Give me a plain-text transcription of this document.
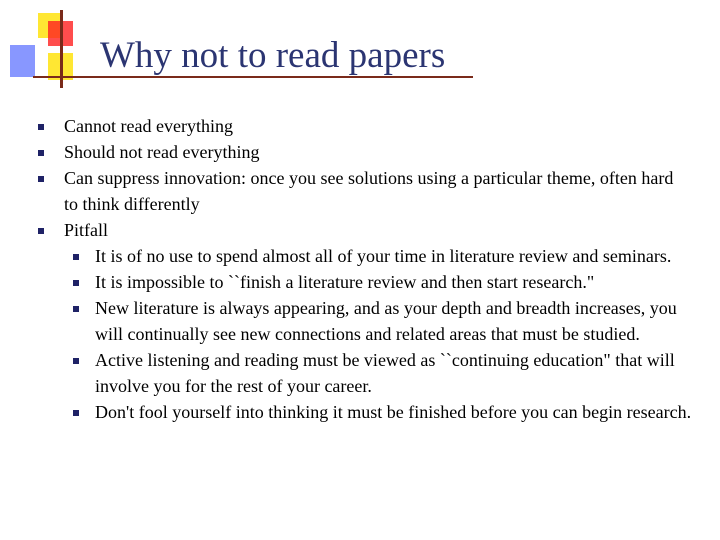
Why not to read papers
Cannot read everything
Should not read everything
Can suppress innovation: once you see solutions using a particular theme, often hard to think differently
Pitfall
It is of no use to spend almost all of your time in literature review and seminars.
It is impossible to ``finish a literature review and then start research."
New literature is always appearing, and as your depth and breadth increases, you will continually see new connections and related areas that must be studied.
Active listening and reading must be viewed as ``continuing education" that will involve you for the rest of your career.
Don't fool yourself into thinking it must be finished before you can begin research.
